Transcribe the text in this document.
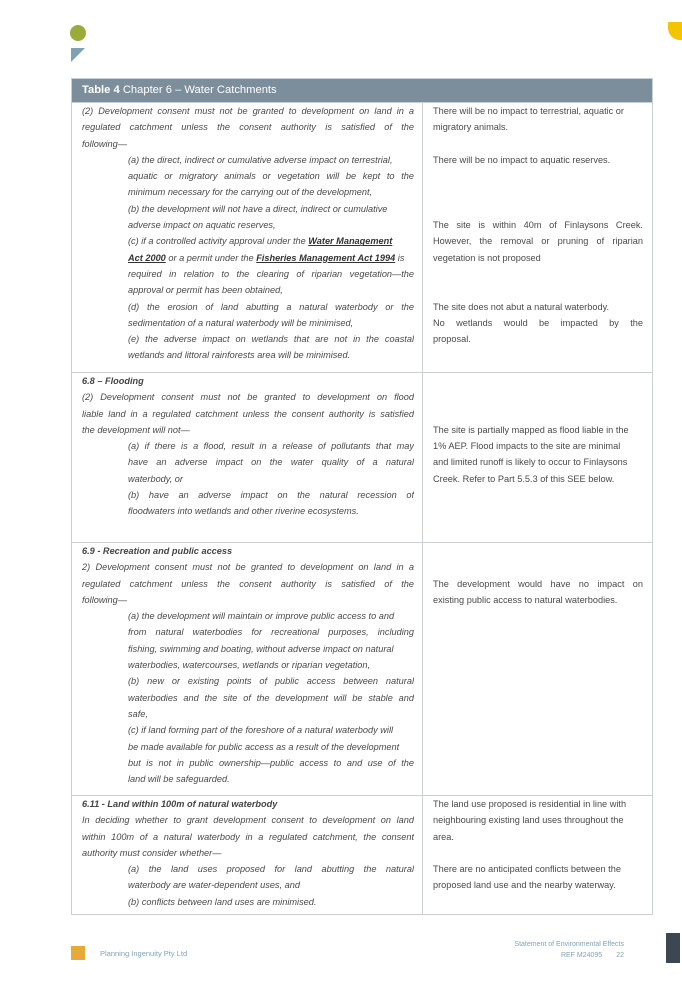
Table 4 Chapter 6 – Water Catchments
(2) Development consent must not be granted to development on land in a
regulated catchment unless the consent authority is satisfied of the
following—
(a) the direct, indirect or cumulative adverse impact on terrestrial,
aquatic or migratory animals or vegetation will be kept to the
minimum necessary for the carrying out of the development,
(b) the development will not have a direct, indirect or cumulative
adverse impact on aquatic reserves,
(c) if a controlled activity approval under the Water Management
Act 2000 or a permit under the Fisheries Management Act 1994 is
required in relation to the clearing of riparian vegetation—the
approval or permit has been obtained,
(d) the erosion of land abutting a natural waterbody or the
sedimentation of a natural waterbody will be minimised,
(e) the adverse impact on wetlands that are not in the coastal
wetlands and littoral rainforests area will be minimised.
There will be no impact to terrestrial, aquatic or
migratory animals.
There will be no impact to aquatic reserves.
The site is within 40m of Finlaysons Creek.
However, the removal or pruning of riparian
vegetation is not proposed
The site does not abut a natural waterbody.
No wetlands would be impacted by the
proposal.
6.8 – Flooding
(2) Development consent must not be granted to development on flood
liable land in a regulated catchment unless the consent authority is satisfied
the development will not—
(a) if there is a flood, result in a release of pollutants that may
have an adverse impact on the water quality of a natural
waterbody, or
(b) have an adverse impact on the natural recession of
floodwaters into wetlands and other riverine ecosystems.
The site is partially mapped as flood liable in the
1% AEP. Flood impacts to the site are minimal
and limited runoff is likely to occur to Finlaysons
Creek. Refer to Part 5.5.3 of this SEE below.
6.9 - Recreation and public access
2) Development consent must not be granted to development on land in a
regulated catchment unless the consent authority is satisfied of the
following—
(a) the development will maintain or improve public access to and
from natural waterbodies for recreational purposes, including
fishing, swimming and boating, without adverse impact on natural
waterbodies, watercourses, wetlands or riparian vegetation,
(b) new or existing points of public access between natural
waterbodies and the site of the development will be stable and
safe,
(c) if land forming part of the foreshore of a natural waterbody will
be made available for public access as a result of the development
but is not in public ownership—public access to and use of the
land will be safeguarded.
The development would have no impact on
existing public access to natural waterbodies.
6.11 - Land within 100m of natural waterbody
In deciding whether to grant development consent to development on land
within 100m of a natural waterbody in a regulated catchment, the consent
authority must consider whether—
(a) the land uses proposed for land abutting the natural
waterbody are water-dependent uses, and
(b) conflicts between land uses are minimised.
The land use proposed is residential in line with
neighbouring existing land uses throughout the
area.
There are no anticipated conflicts between the
proposed land use and the nearby waterway.
Planning Ingenuity Pty Ltd
Statement of Environmental Effects
REF M24095 22
